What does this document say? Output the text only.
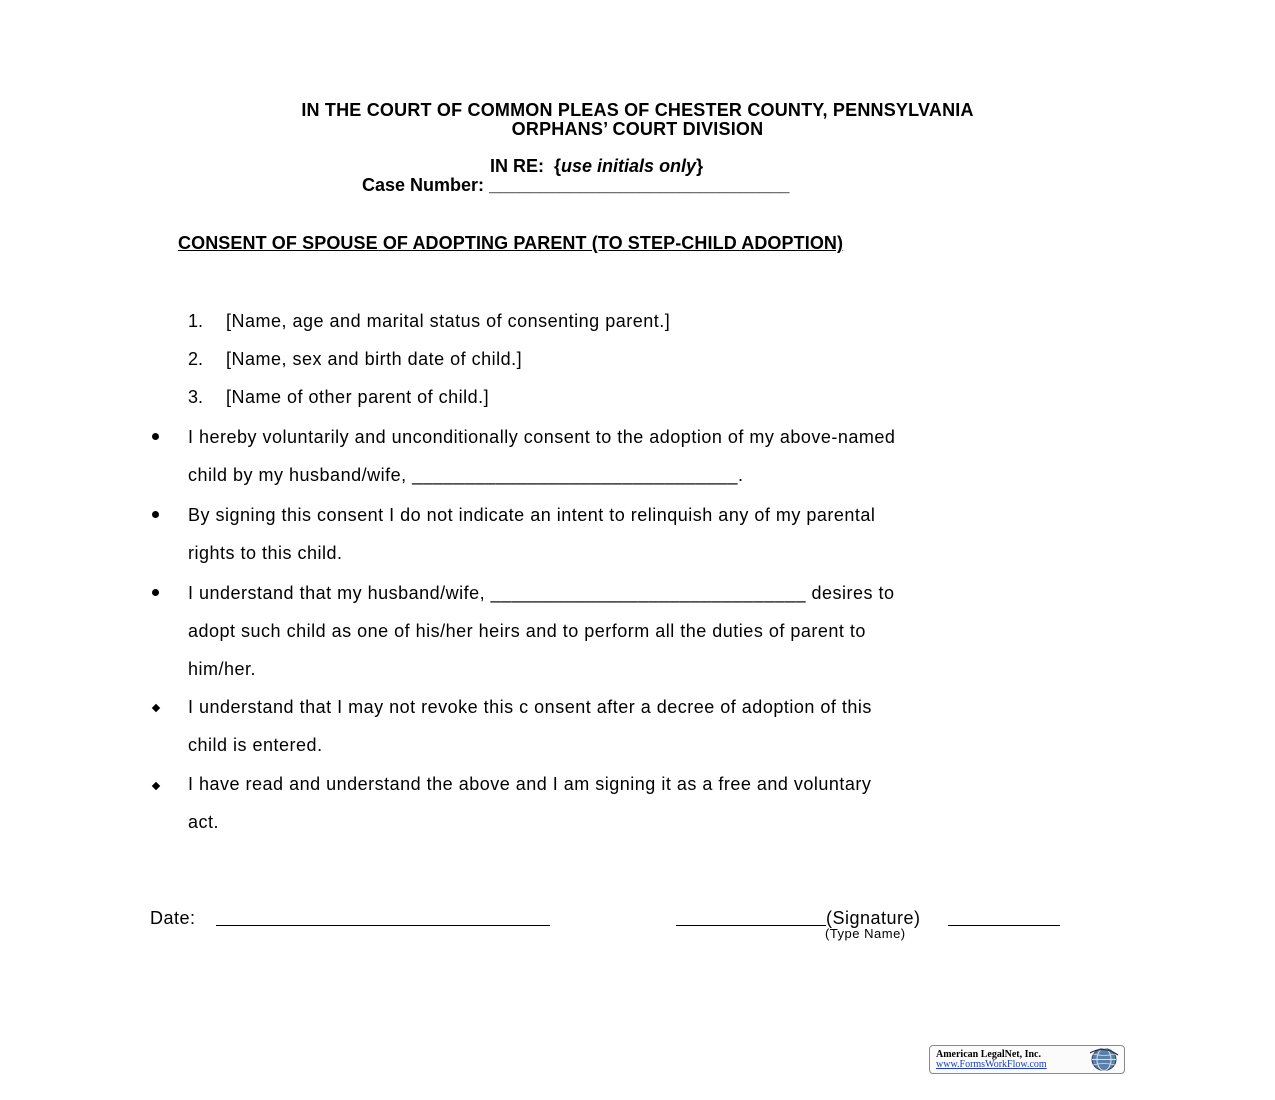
IN THE COURT OF COMMON PLEAS OF CHESTER COUNTY, PENNSYLVANIA
ORPHANS’ COURT DIVISION
IN RE: {use initials only}
Case Number: ______________________________
CONSENT OF SPOUSE OF ADOPTING PARENT (TO STEP-CHILD ADOPTION)
1. [Name, age and marital status of consenting parent.]
2. [Name, sex and birth date of child.]
3. [Name of other parent of child.]
I hereby voluntarily and unconditionally consent to the adoption of my above-named
child by my husband/wife, _______________________________.
By signing this consent I do not indicate an intent to relinquish any of my parental
rights to this child.
I understand that my husband/wife, ______________________________ desires to
adopt such child as one of his/her heirs and to perform all the duties of parent to
him/her.
I understand that I may not revoke this c onsent after a decree of adoption of this
child is entered.
I have read and understand the above and I am signing it as a free and voluntary
act.
Date:	(Signature)
(Type Name)
American LegalNet, Inc.
www.FormsWorkFlow.com
